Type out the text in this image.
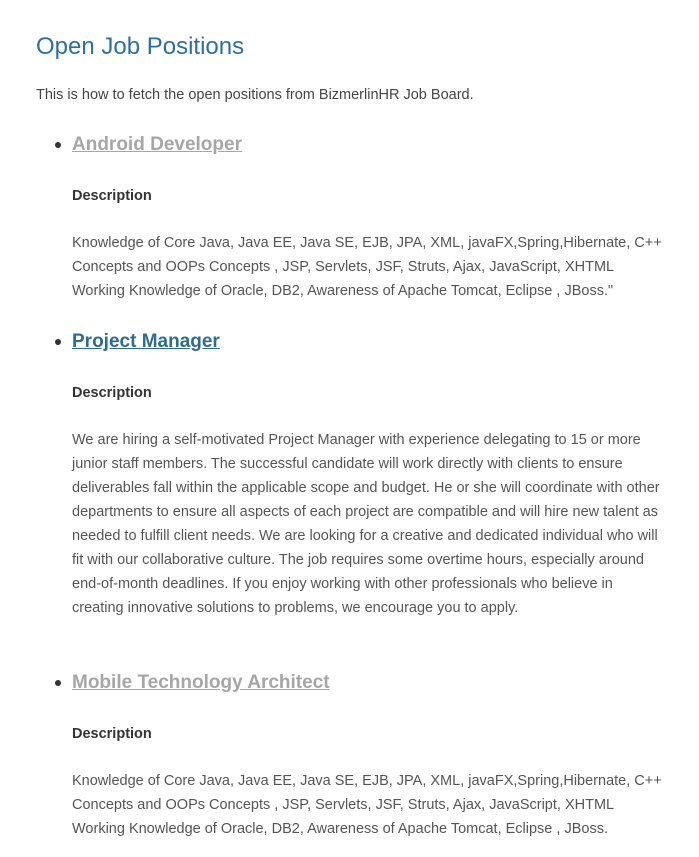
Open Job Positions

This is how to fetch the open positions from BizmerlinHR Job Board.

Android Developer
Description

Knowledge of Core Java, Java EE, Java SE, EJB, JPA, XML, javaFX,Spring,Hibernate, C++ Concepts and OOPs Concepts , JSP, Servlets, JSF, Struts, Ajax, JavaScript, XHTML Working Knowledge of Oracle, DB2, Awareness of Apache Tomcat, Eclipse , JBoss."

Project Manager
Description

We are hiring a self-motivated Project Manager with experience delegating to 15 or more junior staff members. The successful candidate will work directly with clients to ensure deliverables fall within the applicable scope and budget. He or she will coordinate with other departments to ensure all aspects of each project are compatible and will hire new talent as needed to fulfill client needs. We are looking for a creative and dedicated individual who will fit with our collaborative culture. The job requires some overtime hours, especially around end-of-month deadlines. If you enjoy working with other professionals who believe in creating innovative solutions to problems, we encourage you to apply.

Mobile Technology Architect
Description

Knowledge of Core Java, Java EE, Java SE, EJB, JPA, XML, javaFX,Spring,Hibernate, C++ Concepts and OOPs Concepts , JSP, Servlets, JSF, Struts, Ajax, JavaScript, XHTML Working Knowledge of Oracle, DB2, Awareness of Apache Tomcat, Eclipse , JBoss.
